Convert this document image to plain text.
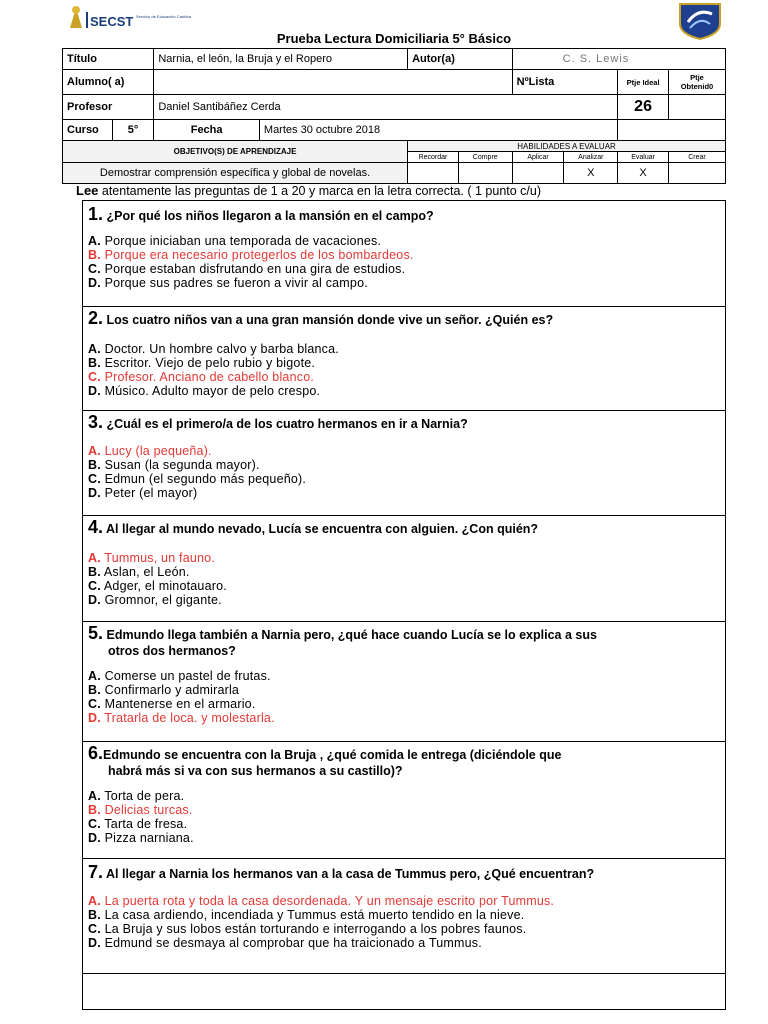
SECST Servicio de Educación Católica
Prueba Lectura Domiciliaria 5° Básico									
Título		Narnia, el león, la Bruja y el Ropero		Autor(a)		C. S. Lewis			
Alumno( a)						NºLista		Ptje Ideal	Ptje Obtenid0
Profesor		Daniel Santibáñez Cerda						26	
Curso	5°	Fecha	Martes 30 octubre 2018						
OBJETIVO(S) DE APRENDIZAJE				HABILIDADES A EVALUAR					
				Recordar	Compre	Aplicar	Analizar	Evaluar	Crear
Demostrar comprensión específica y global de novelas.							X	X	
Lee atentamente las preguntas de 1 a 20 y marca en la letra correcta. ( 1 punto c/u)
1. ¿Por qué los niños llegaron a la mansión en el campo?
A. Porque iniciaban una temporada de vacaciones.
B. Porque era necesario protegerlos de los bombardeos.
C. Porque estaban disfrutando en una gira de estudios.
D. Porque sus padres se fueron a vivir al campo.
2. Los cuatro niños van a una gran mansión donde vive un señor. ¿Quién es?
A. Doctor. Un hombre calvo y barba blanca.
B. Escritor. Viejo de pelo rubio y bigote.
C. Profesor. Anciano de cabello blanco.
D. Músico. Adulto mayor de pelo crespo.
3. ¿Cuál es el primero/a de los cuatro hermanos en ir a Narnia?
A. Lucy (la pequeña).
B. Susan (la segunda mayor).
C. Edmun (el segundo más pequeño).
D. Peter (el mayor)
4. Al llegar al mundo nevado, Lucía se encuentra con alguien. ¿Con quién?
A. Tummus, un fauno.
B. Aslan, el León.
C. Adger, el minotauaro.
D. Gromnor, el gigante.
5. Edmundo llega también a Narnia pero, ¿qué hace cuando Lucía se lo explica a sus
otros dos hermanos?
A. Comerse un pastel de frutas.
B. Confirmarlo y admirarla
C. Mantenerse en el armario.
D. Tratarla de loca. y molestarla.
6.Edmundo se encuentra con la Bruja , ¿qué comida le entrega (diciéndole que
habrá más si va con sus hermanos a su castillo)?
A. Torta de pera.
B. Delicias turcas.
C. Tarta de fresa.
D. Pizza narniana.
7. Al llegar a Narnia los hermanos van a la casa de Tummus pero, ¿Qué encuentran?
A. La puerta rota y toda la casa desordenada. Y un mensaje escrito por Tummus.
B. La casa ardiendo, incendiada y Tummus está muerto tendido en la nieve.
C. La Bruja y sus lobos están torturando e interrogando a los pobres faunos.
D. Edmund se desmaya al comprobar que ha traicionado a Tummus.
